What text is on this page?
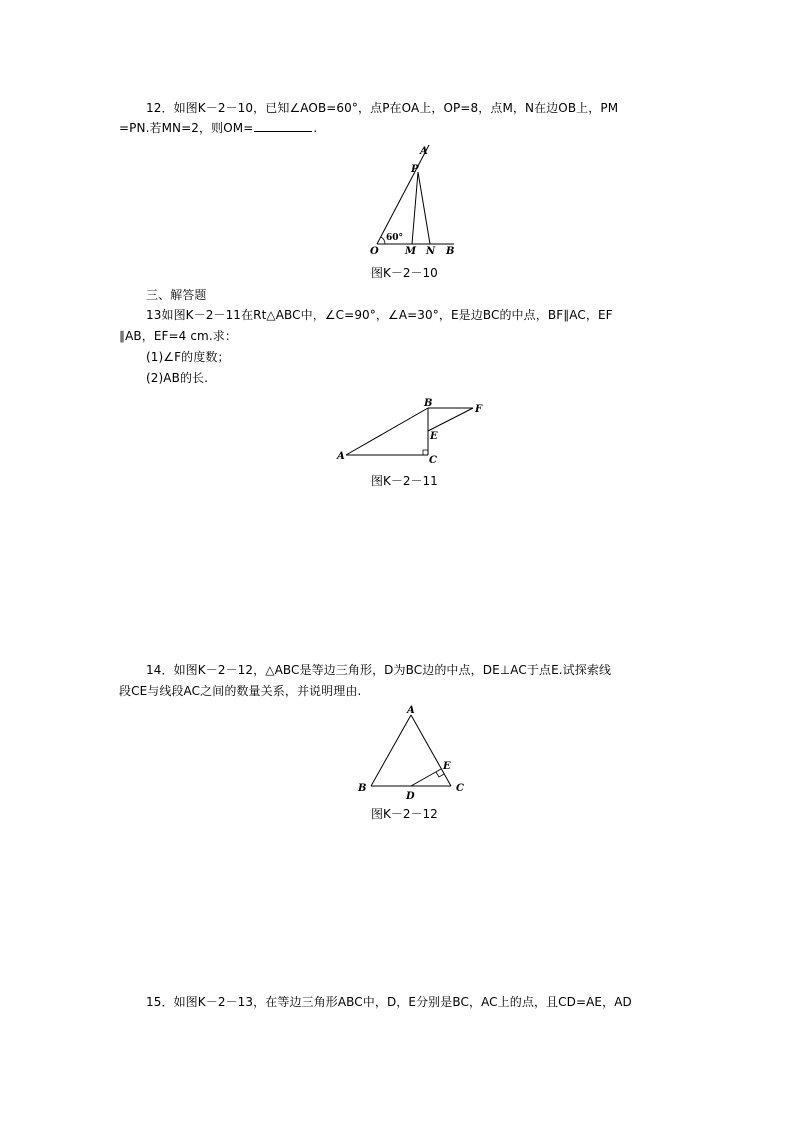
12．如图K－2－10，已知∠AOB=60°，点P在OA上，OP=8，点M，N在边OB上，PM
=PN.若MN=2，则OM=	.
A
P
O	M N B
60°
图K－2－10
三、解答题
13如图K－2－11在Rt△ABC中，∠C=90°，∠A=30°，E是边BC的中点，BF∥AC，EF
∥AB，EF=4 cm.求：
(1)∠F的度数；
(2)AB的长.
A
B
C
E
F
图K－2－11
14．如图K－2－12，△ABC是等边三角形，D为BC边的中点，DE⊥AC于点E.试探索线
段CE与线段AC之间的数量关系，并说明理由.
A
B	C
D
E
图K－2－12
15．如图K－2－13，在等边三角形ABC中，D，E分别是BC，AC上的点，且CD=AE，AD
